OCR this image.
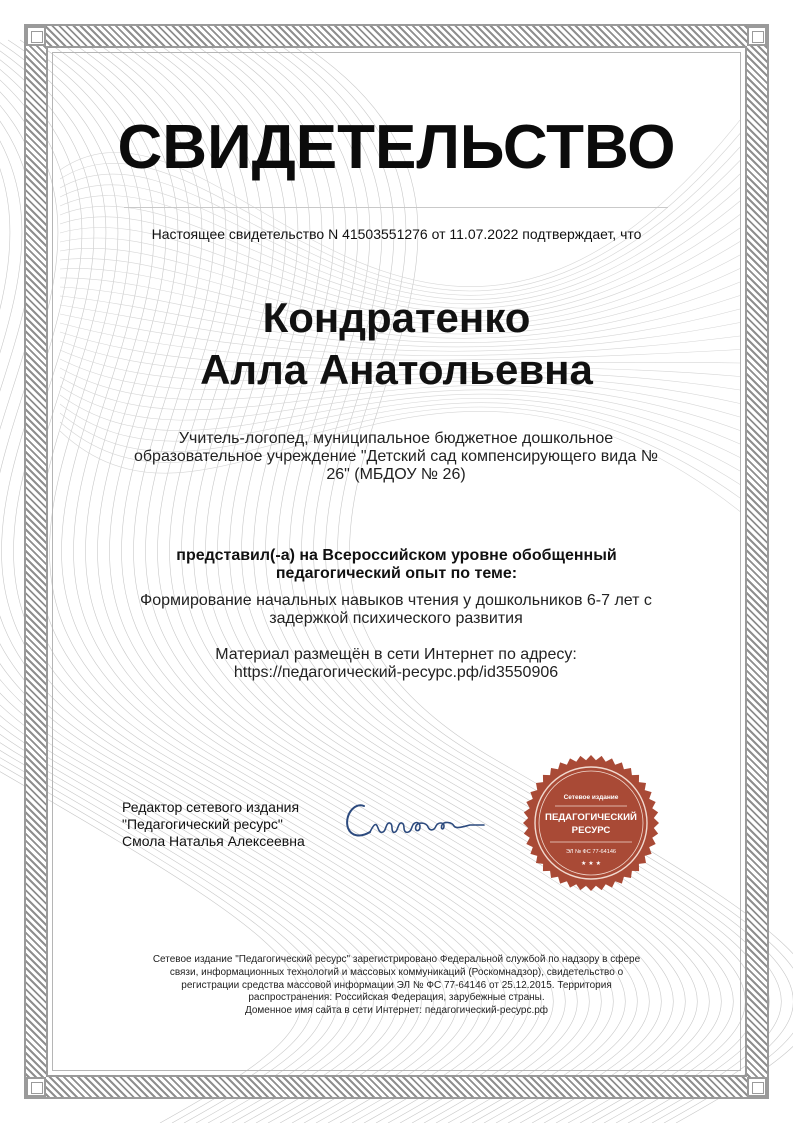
СВИДЕТЕЛЬСТВО
Настоящее свидетельство N 41503551276 от 11.07.2022 подтверждает, что
Кондратенко
Алла Анатольевна
Учитель-логопед, муниципальное бюджетное дошкольное
образовательное учреждение "Детский сад компенсирующего вида №
26" (МБДОУ № 26)
представил(-а) на Всероссийском уровне обобщенный
педагогический опыт по теме:
Формирование начальных навыков чтения у дошкольников 6-7 лет с
задержкой психического развития
Материал размещён в сети Интернет по адресу:
https://педагогический-ресурс.рф/id3550906
Редактор сетевого издания
"Педагогический ресурс"
Смола Наталья Алексеевна
Сетевое издание
ПЕДАГОГИЧЕСКИЙ
РЕСУРС
ЭЛ № ФС 77-64146
★ ★ ★
Сетевое издание "Педагогический ресурс" зарегистрировано Федеральной службой по надзору в сфере
связи, информационных технологий и массовых коммуникаций (Роскомнадзор), свидетельство о
регистрации средства массовой информации ЭЛ № ФС 77-64146 от 25.12.2015. Территория
распространения: Российская Федерация, зарубежные страны.
Доменное имя сайта в сети Интернет: педагогический-ресурс.рф
